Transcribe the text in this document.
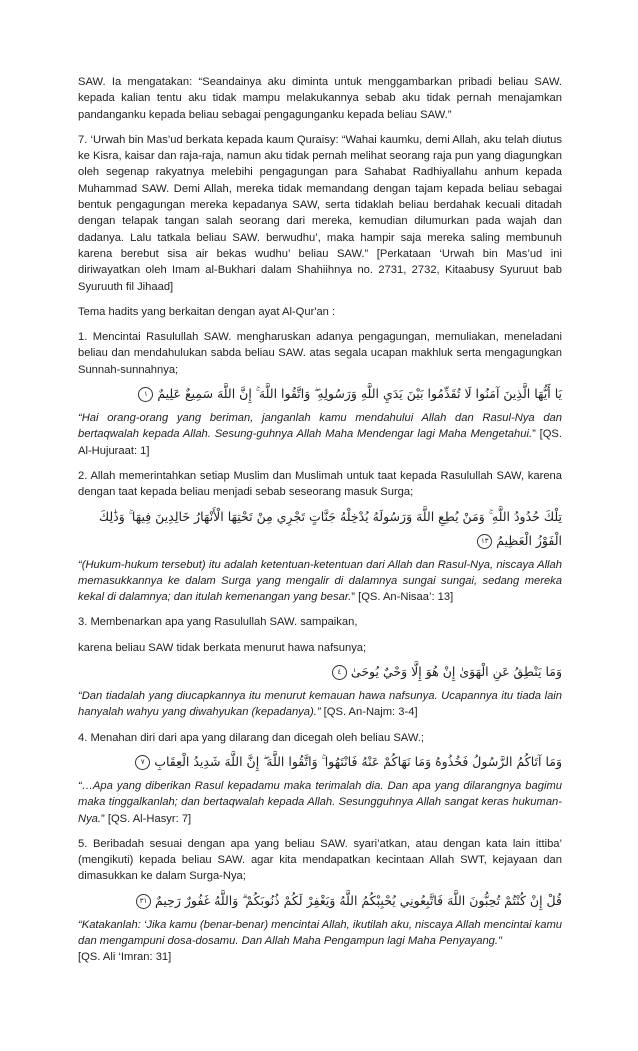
SAW. Ia mengatakan: “Seandainya aku diminta untuk menggambarkan pribadi beliau SAW. kepada kalian tentu aku tidak mampu melakukannya sebab aku tidak pernah menajamkan pandanganku kepada beliau sebagai pengagunganku kepada beliau SAW.”

7. ‘Urwah bin Mas’ud berkata kepada kaum Quraisy: “Wahai kaumku, demi Allah, aku telah diutus ke Kisra, kaisar dan raja-raja, namun aku tidak pernah melihat seorang raja pun yang diagungkan oleh segenap rakyatnya melebihi pengagungan para Sahabat Radhiyallahu anhum kepada Muhammad SAW. Demi Allah, mereka tidak memandang dengan tajam kepada beliau sebagai bentuk pengagungan mereka kepadanya SAW, serta tidaklah beliau berdahak kecuali ditadah dengan telapak tangan salah seorang dari mereka, kemudian dilumurkan pada wajah dan dadanya. Lalu tatkala beliau SAW. berwudhu’, maka hampir saja mereka saling membunuh karena berebut sisa air bekas wudhu’ beliau SAW.” [Perkataan ‘Urwah bin Mas’ud ini diriwayatkan oleh Imam al-Bukhari dalam Shahiihnya no. 2731, 2732, Kitaabusy Syuruut bab Syuruuth fil Jihaad]

Tema hadits yang berkaitan dengan ayat Al-Qur'an :

1. Mencintai Rasulullah SAW. mengharuskan adanya pengagungan, memuliakan, meneladani beliau dan mendahulukan sabda beliau SAW. atas segala ucapan makhluk serta mengagungkan Sunnah-sunnahnya;

يَا أَيُّهَا الَّذِينَ آمَنُوا لَا تُقَدِّمُوا بَيْنَ يَدَيِ اللَّهِ وَرَسُولِهِ ۖ وَاتَّقُوا اللَّهَ ۚ إِنَّ اللَّهَ سَمِيعٌ عَلِيمٌ ١

“Hai orang-orang yang beriman, janganlah kamu mendahului Allah dan Rasul-Nya dan bertaqwalah kepada Allah. Sesung-guhnya Allah Maha Mendengar lagi Maha Mengetahui.” [QS. Al-Hujuraat: 1]

2. Allah memerintahkan setiap Muslim dan Muslimah untuk taat kepada Rasulullah SAW, karena dengan taat kepada beliau menjadi sebab seseorang masuk Surga;

تِلْكَ حُدُودُ اللَّهِ ۚ وَمَنْ يُطِعِ اللَّهَ وَرَسُولَهُ يُدْخِلْهُ جَنَّاتٍ تَجْرِي مِنْ تَحْتِهَا الْأَنْهَارُ خَالِدِينَ فِيهَا ۚ وَذَٰلِكَ الْفَوْزُ الْعَظِيمُ ١٣

“(Hukum-hukum tersebut) itu adalah ketentuan-ketentuan dari Allah dan Rasul-Nya, niscaya Allah memasukkannya ke dalam Surga yang mengalir di dalamnya sungai sungai, sedang mereka kekal di dalamnya; dan itulah kemenangan yang besar.” [QS. An-Nisaa’: 13]

3. Membenarkan apa yang Rasulullah SAW. sampaikan,

karena beliau SAW tidak berkata menurut hawa nafsunya;

وَمَا يَنْطِقُ عَنِ الْهَوَىٰ إِنْ هُوَ إِلَّا وَحْيٌ يُوحَىٰ ٤

“Dan tiadalah yang diucapkannya itu menurut kemauan hawa nafsunya. Ucapannya itu tiada lain hanyalah wahyu yang diwahyukan (kepadanya).” [QS. An-Najm: 3-4]

4. Menahan diri dari apa yang dilarang dan dicegah oleh beliau SAW.;

وَمَا آتَاكُمُ الرَّسُولُ فَخُذُوهُ وَمَا نَهَاكُمْ عَنْهُ فَانْتَهُوا ۚ وَاتَّقُوا اللَّهَ ۖ إِنَّ اللَّهَ شَدِيدُ الْعِقَابِ ٧

“…Apa yang diberikan Rasul kepadamu maka terimalah dia. Dan apa yang dilarangnya bagimu maka tinggalkanlah; dan bertaqwalah kepada Allah. Sesungguhnya Allah sangat keras hukuman-Nya.” [QS. Al-Hasyr: 7]

5. Beribadah sesuai dengan apa yang beliau SAW. syari’atkan, atau dengan kata lain ittiba’ (mengikuti) kepada beliau SAW. agar kita mendapatkan kecintaan Allah SWT, kejayaan dan dimasukkan ke dalam Surga-Nya;

قُلْ إِنْ كُنْتُمْ تُحِبُّونَ اللَّهَ فَاتَّبِعُونِي يُحْبِبْكُمُ اللَّهُ وَيَغْفِرْ لَكُمْ ذُنُوبَكُمْ ۗ وَاللَّهُ غَفُورٌ رَحِيمٌ ٣١

“Katakanlah: ‘Jika kamu (benar-benar) mencintai Allah, ikutilah aku, niscaya Allah mencintai kamu dan mengampuni dosa-dosamu. Dan Allah Maha Pengampun lagi Maha Penyayang."
[QS. Ali ‘Imran: 31]
